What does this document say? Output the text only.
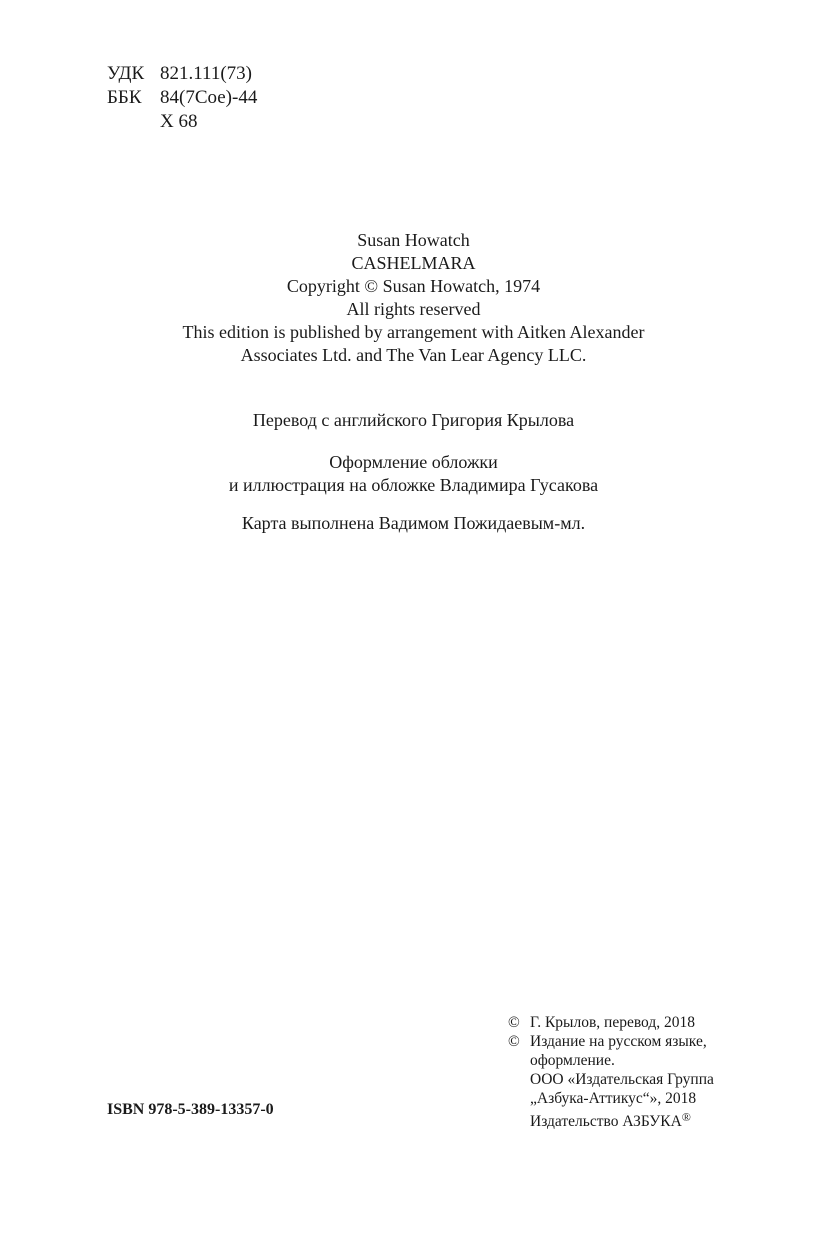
УДК 821.111(73)
ББК 84(7Сое)-44
Х 68
Susan Howatch
CASHELMARA
Copyright © Susan Howatch, 1974
All rights reserved
This edition is published by arrangement with Aitken Alexander
Associates Ltd. and The Van Lear Agency LLC.
Перевод с английского Григория Крылова
Оформление обложки
и иллюстрация на обложке Владимира Гусакова
Карта выполнена Вадимом Пожидаевым-мл.
© Г. Крылов, перевод, 2018
© Издание на русском языке,
оформление.
ООО «Издательская Группа
„Азбука-Аттикус“», 2018
Издательство АЗБУКА®
ISBN 978-5-389-13357-0
